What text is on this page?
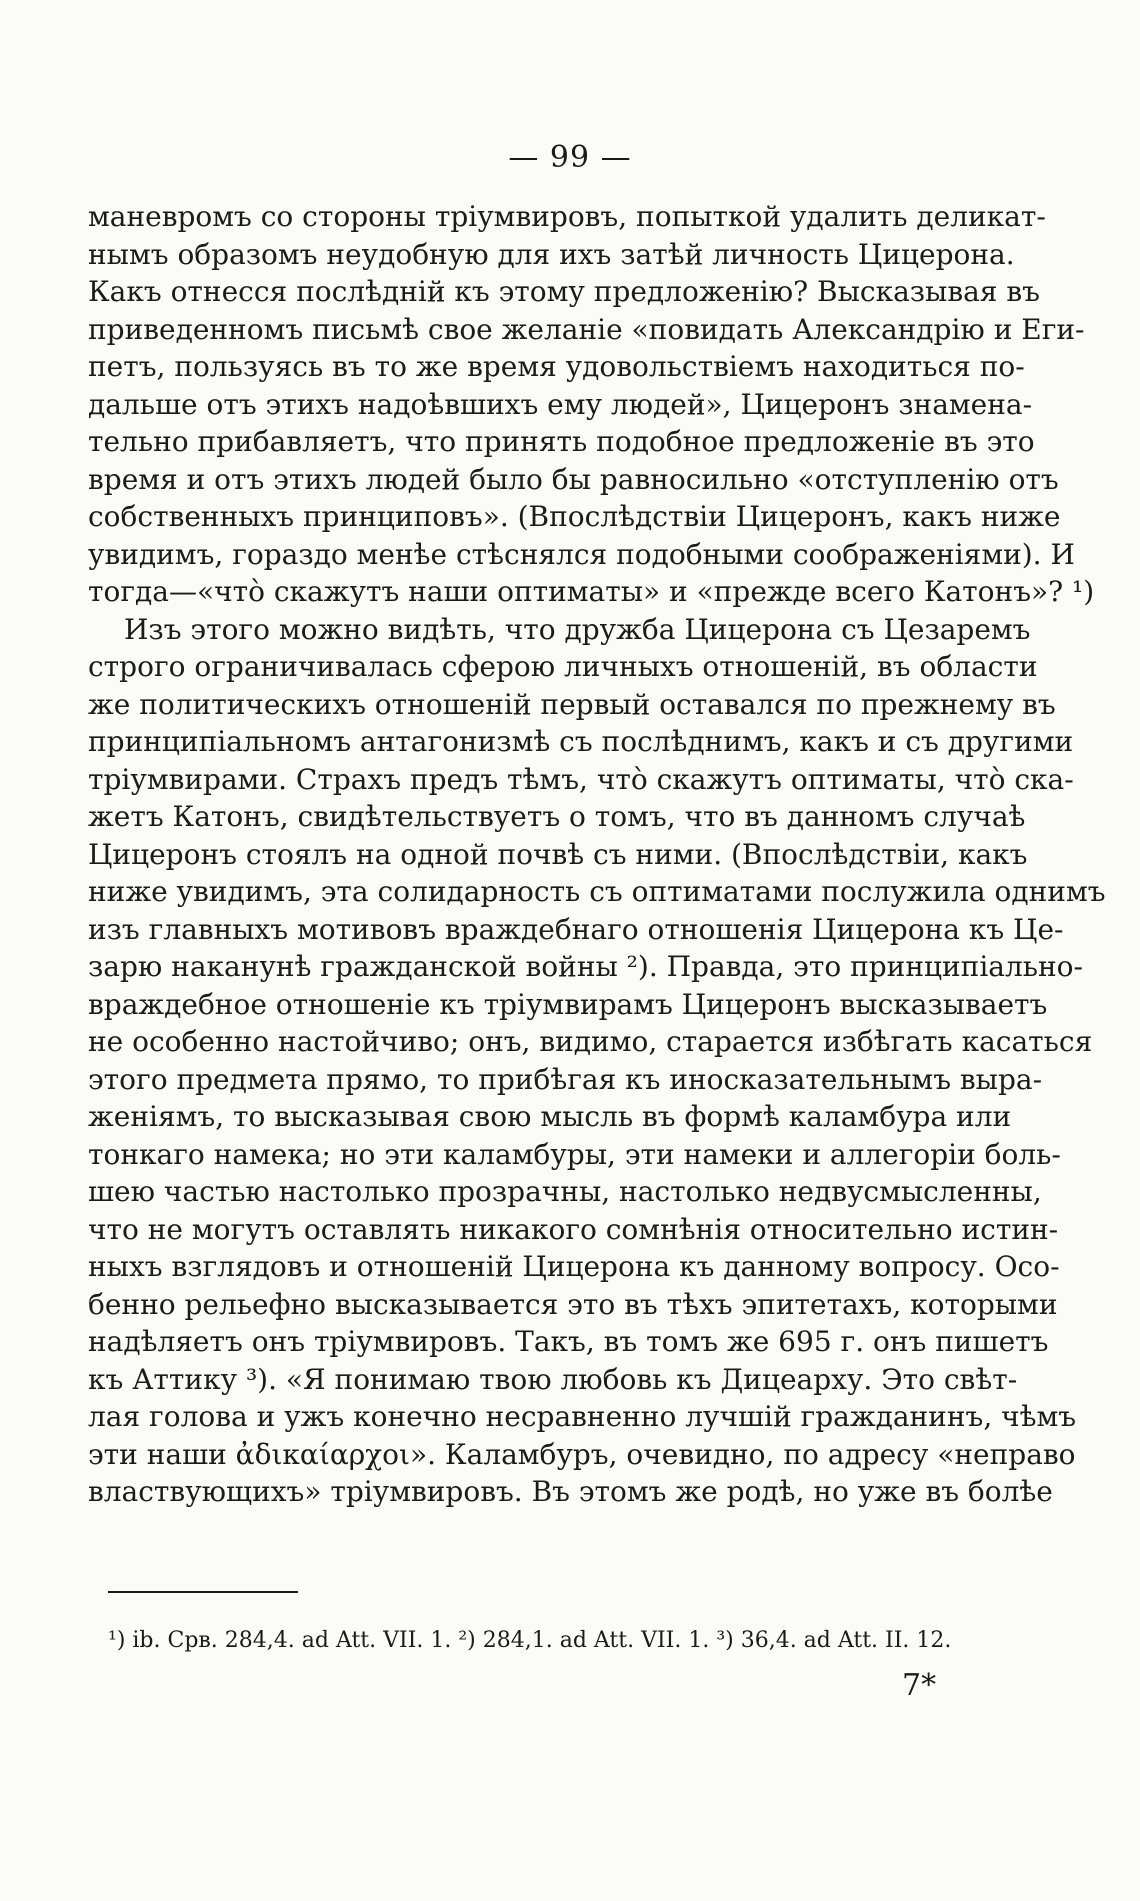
— 99 —
маневромъ со стороны тріумвировъ, попыткой удалить деликат-
нымъ образомъ неудобную для ихъ затѣй личность Цицерона.
Какъ отнесся послѣдній къ этому предложенію? Высказывая въ
приведенномъ письмѣ свое желаніе «повидать Александрію и Еги-
петъ, пользуясь въ то же время удовольствіемъ находиться по-
дальше отъ этихъ надоѣвшихъ ему людей», Цицеронъ знамена-
тельно прибавляетъ, что принять подобное предложеніе въ это
время и отъ этихъ людей было бы равносильно «отступленію отъ
собственныхъ принциповъ». (Впослѣдствіи Цицеронъ, какъ ниже
увидимъ, гораздо менѣе стѣснялся подобными соображеніями). И
тогда—«что̀ скажутъ наши оптиматы» и «прежде всего Катонъ»? ¹)
Изъ этого можно видѣть, что дружба Цицерона съ Цезаремъ
строго ограничивалась сферою личныхъ отношеній, въ области
же политическихъ отношеній первый оставался по прежнему въ
принципіальномъ антагонизмѣ съ послѣднимъ, какъ и съ другими
тріумвирами. Страхъ предъ тѣмъ, что̀ скажутъ оптиматы, что̀ ска-
жетъ Катонъ, свидѣтельствуетъ о томъ, что въ данномъ случаѣ
Цицеронъ стоялъ на одной почвѣ съ ними. (Впослѣдствіи, какъ
ниже увидимъ, эта солидарность съ оптиматами послужила однимъ
изъ главныхъ мотивовъ враждебнаго отношенія Цицерона къ Це-
зарю наканунѣ гражданской войны ²). Правда, это принципіально-
враждебное отношеніе къ тріумвирамъ Цицеронъ высказываетъ
не особенно настойчиво; онъ, видимо, старается избѣгать касаться
этого предмета прямо, то прибѣгая къ иносказательнымъ выра-
женіямъ, то высказывая свою мысль въ формѣ каламбура или
тонкаго намека; но эти каламбуры, эти намеки и аллегоріи боль-
шею частью настолько прозрачны, настолько недвусмысленны,
что не могутъ оставлять никакого сомнѣнія относительно истин-
ныхъ взглядовъ и отношеній Цицерона къ данному вопросу. Осо-
бенно рельефно высказывается это въ тѣхъ эпитетахъ, которыми
надѣляетъ онъ тріумвировъ. Такъ, въ томъ же 695 г. онъ пишетъ
къ Аттику ³). «Я понимаю твою любовь къ Дицеарху. Это свѣт-
лая голова и ужъ конечно несравненно лучшій гражданинъ, чѣмъ
эти наши ἀδικαίαρχοι». Каламбуръ, очевидно, по адресу «неправо
властвующихъ» тріумвировъ. Въ этомъ же родѣ, но уже въ болѣе
¹) ib. Срв. 284,4. ad Att. VII. 1. ²) 284,1. ad Att. VII. 1. ³) 36,4. ad Att. II. 12.
7*
